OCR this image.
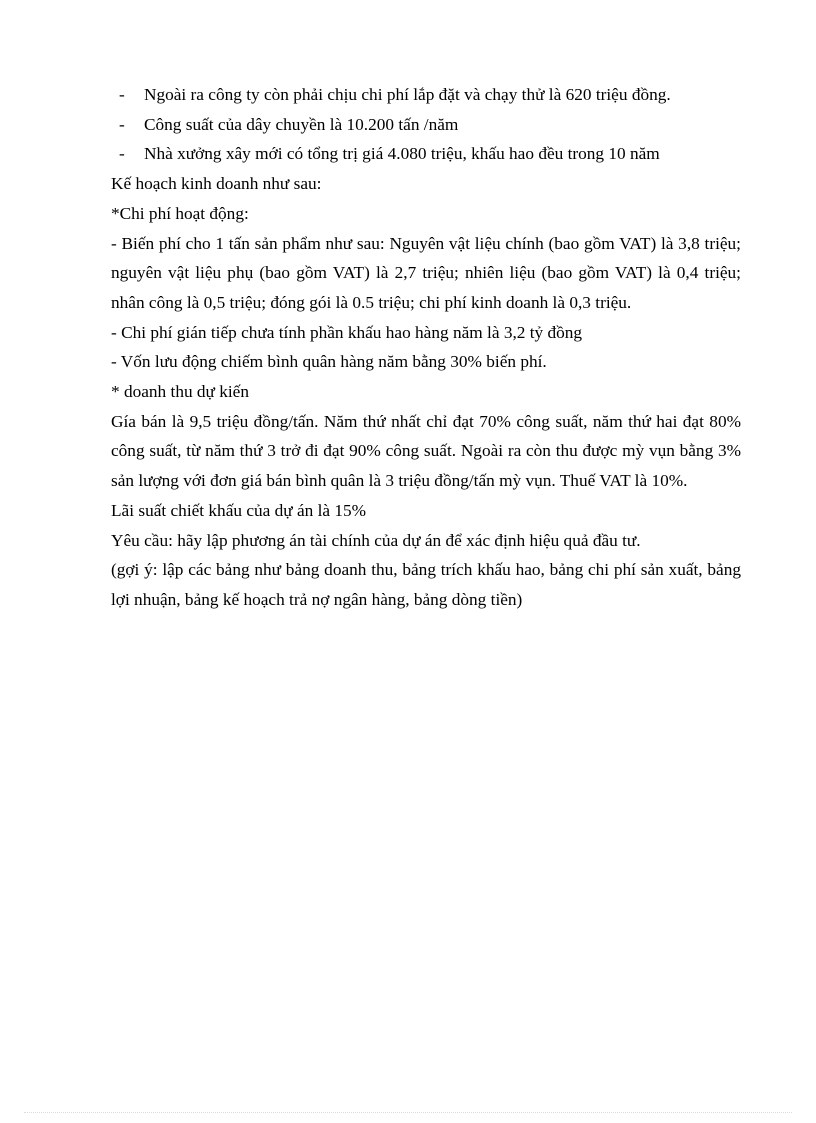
- Ngoài ra công ty còn phải chịu chi phí lắp đặt và chạy thử là 620 triệu đồng.
- Công suất của dây chuyền là 10.200 tấn /năm
- Nhà xưởng xây mới có tổng trị giá 4.080 triệu, khấu hao đều trong 10 năm
Kế hoạch kinh doanh như sau:
*Chi phí hoạt động:
- Biến phí cho 1 tấn sản phẩm như sau: Nguyên vật liệu chính (bao gồm VAT) là 3,8 triệu; nguyên vật liệu phụ (bao gồm VAT) là 2,7 triệu; nhiên liệu (bao gồm VAT) là 0,4 triệu; nhân công là 0,5 triệu; đóng gói là 0.5 triệu; chi phí kinh doanh là 0,3 triệu.
- Chi phí gián tiếp chưa tính phần khấu hao hàng năm là 3,2 tỷ đồng
- Vốn lưu động chiếm bình quân hàng năm bằng 30% biến phí.
* doanh thu dự kiến
Gía bán là 9,5 triệu đồng/tấn. Năm thứ nhất chỉ đạt 70% công suất, năm thứ hai đạt 80% công suất, từ năm thứ 3 trở đi đạt 90% công suất. Ngoài ra còn thu được mỳ vụn bằng 3% sản lượng với đơn giá bán bình quân là 3 triệu đồng/tấn mỳ vụn. Thuế VAT là 10%.
Lãi suất chiết khấu của dự án là 15%
Yêu cầu: hãy lập phương án tài chính của dự án để xác định hiệu quả đầu tư.
(gợi ý: lập các bảng như bảng doanh thu, bảng trích khấu hao, bảng chi phí sản xuất, bảng lợi nhuận, bảng kế hoạch trả nợ ngân hàng, bảng dòng tiền)
